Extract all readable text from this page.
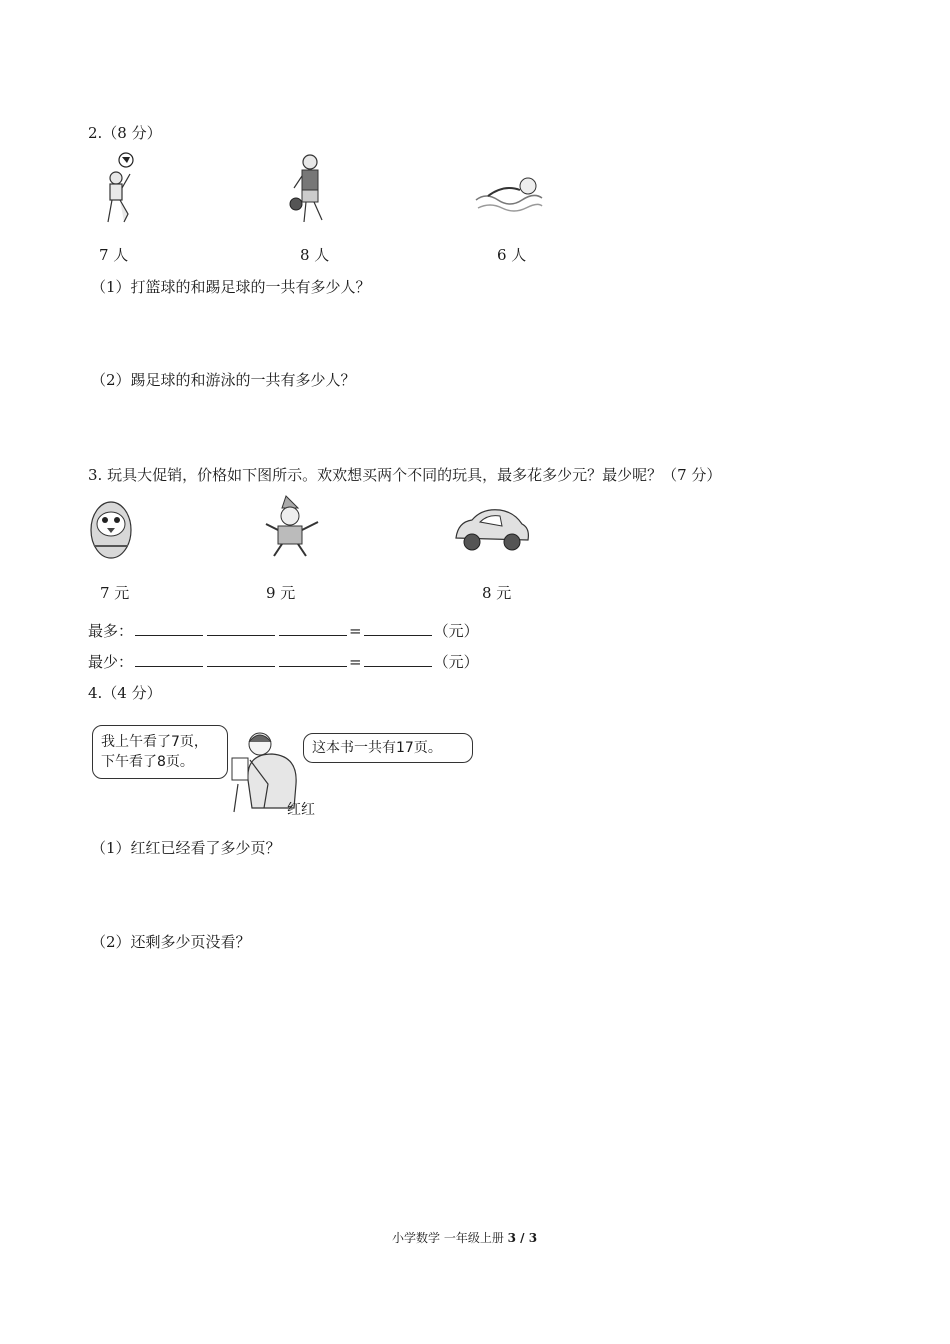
2.（8 分）
7 人	8 人	6 人
（1）打篮球的和踢足球的一共有多少人？
（2）踢足球的和游泳的一共有多少人？
3. 玩具大促销，价格如下图所示。欢欢想买两个不同的玩具，最多花多少元？最少呢？（7 分）
7 元	9 元	8 元
最多：	=	（元）
最少：	=	（元）
4.（4 分）
我上午看了7页，
下午看了8页。
这本书一共有17页。
红红
（1）红红已经看了多少页？
（2）还剩多少页没看？
小学数学 一年级上册 3 / 3
